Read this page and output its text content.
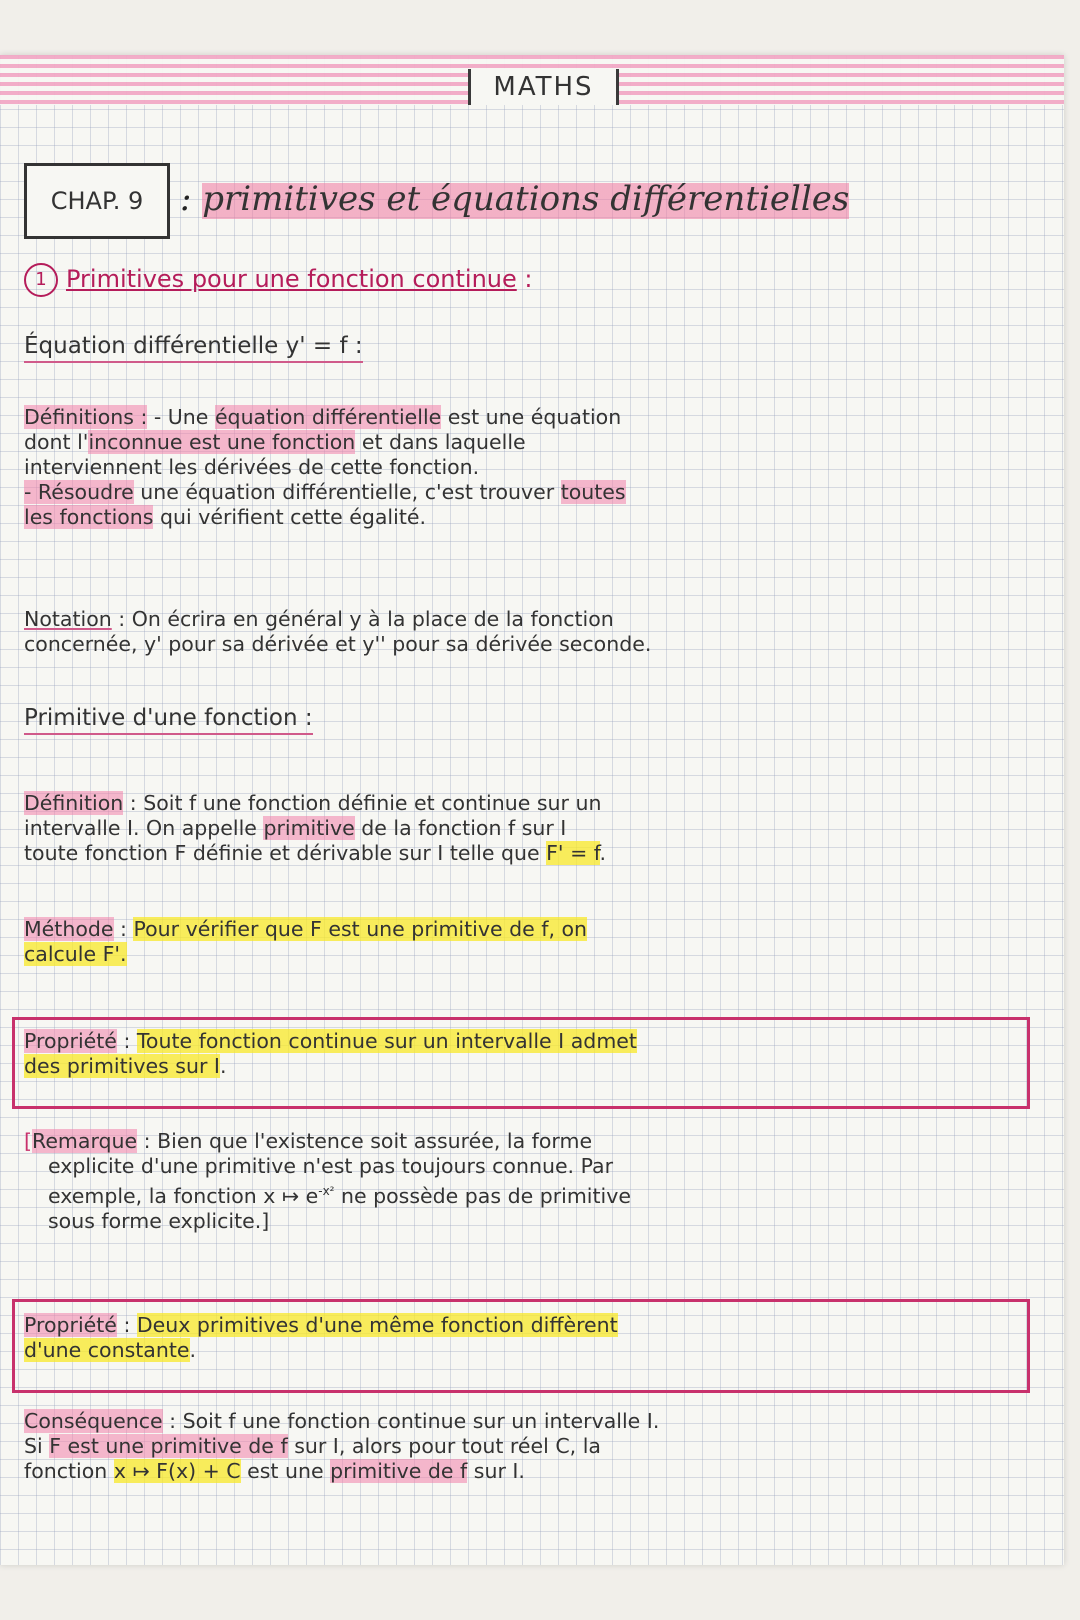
MATHS
CHAP. 9	: primitives et équations différentielles
1 Primitives pour une fonction continue :
Équation différentielle y' = f :
Définitions : - Une équation différentielle est une équation
dont l'inconnue est une fonction et dans laquelle
interviennent les dérivées de cette fonction.
- Résoudre une équation différentielle, c'est trouver toutes
les fonctions qui vérifient cette égalité.
Notation : On écrira en général y à la place de la fonction
concernée, y' pour sa dérivée et y'' pour sa dérivée seconde.
Primitive d'une fonction :
Définition : Soit f une fonction définie et continue sur un
intervalle I. On appelle primitive de la fonction f sur I
toute fonction F définie et dérivable sur I telle que F' = f.
Méthode : Pour vérifier que F est une primitive de f, on
calcule F'.
Propriété : Toute fonction continue sur un intervalle I admet
des primitives sur I.
[Remarque : Bien que l'existence soit assurée, la forme
explicite d'une primitive n'est pas toujours connue. Par
exemple, la fonction x ↦ $e^{-x^2}$ ne possède pas de primitive
sous forme explicite.]
Propriété : Deux primitives d'une même fonction diffèrent
d'une constante.
Conséquence : Soit f une fonction continue sur un intervalle I.
Si F est une primitive de f sur I, alors pour tout réel C, la
fonction x ↦ F(x) + C est une primitive de f sur I.
